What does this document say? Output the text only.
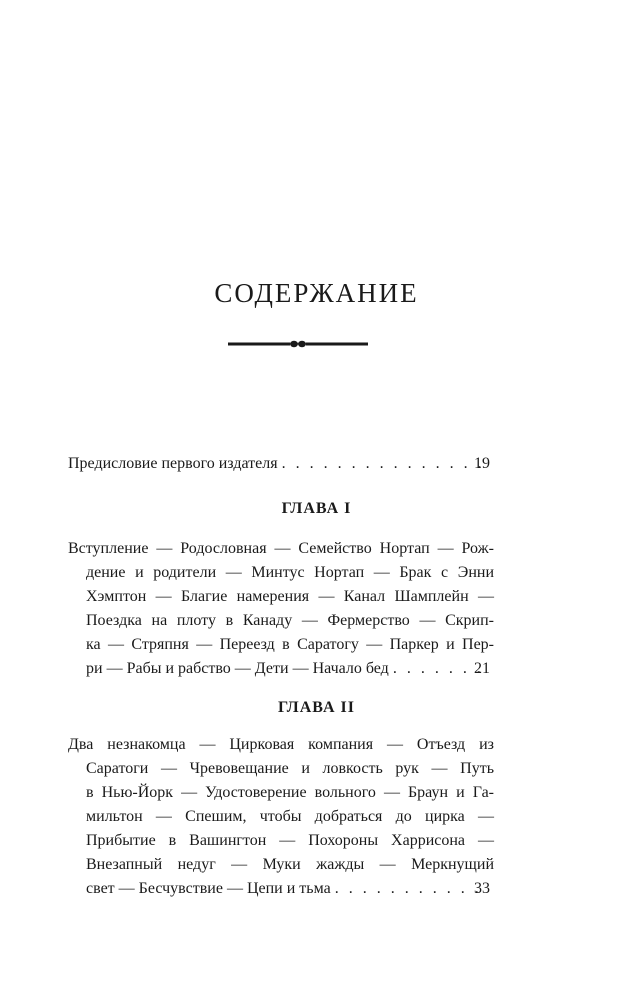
СОДЕРЖАНИЕ
Предисловие первого издателя . . .	19
ГЛАВА I
Вступление — Родословная — Семейство Нортап — Рож-
дение и родители — Минтус Нортап — Брак с Энни
Хэмптон — Благие намерения — Канал Шамплейн —
Поездка на плоту в Канаду — Фермерство — Скрип-
ка — Стряпня — Переезд в Саратогу — Паркер и Пер-
ри — Рабы и рабство — Дети — Начало бед . . .	21
ГЛАВА II
Два незнакомца — Цирковая компания — Отъезд из
Саратоги — Чревовещание и ловкость рук — Путь
в Нью-Йорк — Удостоверение вольного — Браун и Га-
мильтон — Спешим, чтобы добраться до цирка —
Прибытие в Вашингтон — Похороны Харрисона —
Внезапный недуг — Муки жажды — Меркнущий
свет — Бесчувствие — Цепи и тьма . . .	33
